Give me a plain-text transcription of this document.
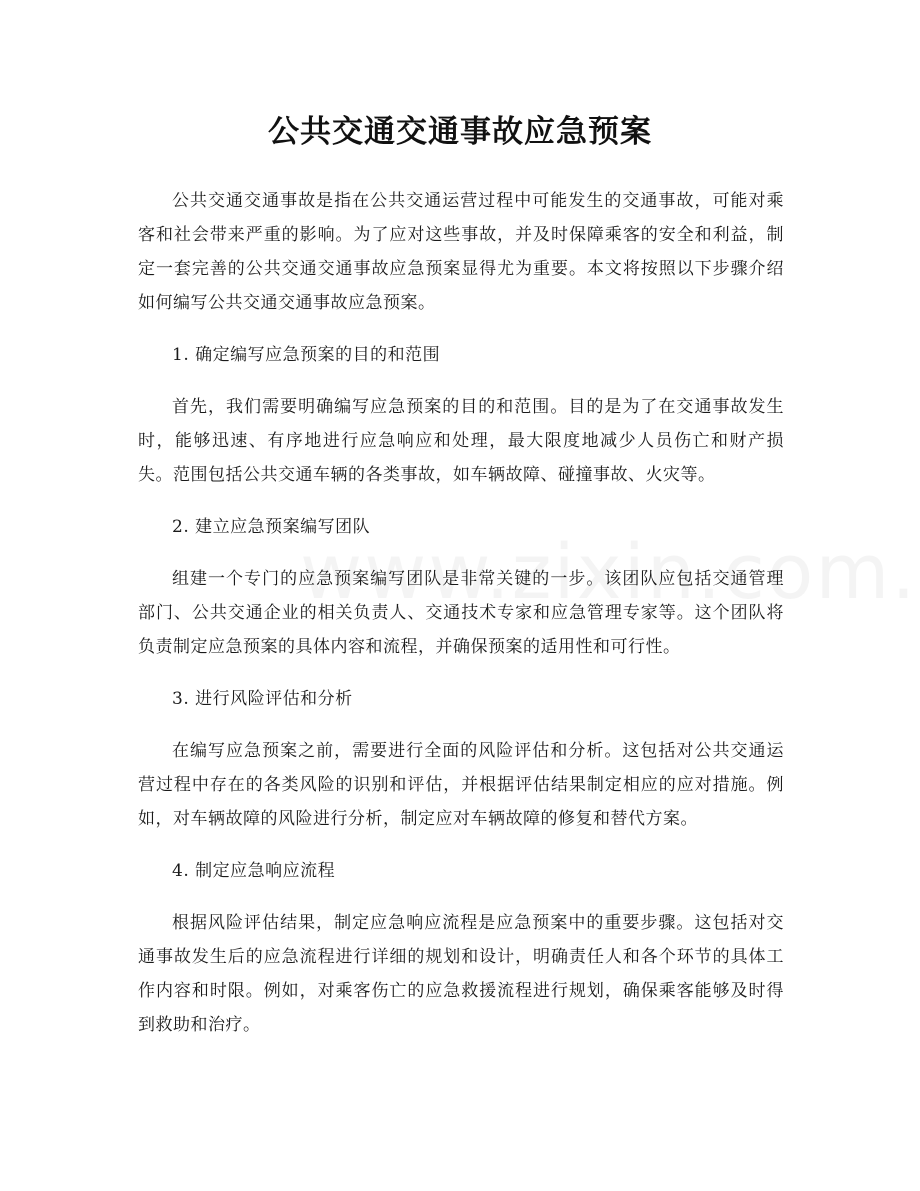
公共交通交通事故应急预案

公共交通交通事故是指在公共交通运营过程中可能发生的交通事故，可能对乘客和社会带来严重的影响。为了应对这些事故，并及时保障乘客的安全和利益，制定一套完善的公共交通交通事故应急预案显得尤为重要。本文将按照以下步骤介绍如何编写公共交通交通事故应急预案。

1. 确定编写应急预案的目的和范围

首先，我们需要明确编写应急预案的目的和范围。目的是为了在交通事故发生时，能够迅速、有序地进行应急响应和处理，最大限度地减少人员伤亡和财产损失。范围包括公共交通车辆的各类事故，如车辆故障、碰撞事故、火灾等。

2. 建立应急预案编写团队

组建一个专门的应急预案编写团队是非常关键的一步。该团队应包括交通管理部门、公共交通企业的相关负责人、交通技术专家和应急管理专家等。这个团队将负责制定应急预案的具体内容和流程，并确保预案的适用性和可行性。

3. 进行风险评估和分析

在编写应急预案之前，需要进行全面的风险评估和分析。这包括对公共交通运营过程中存在的各类风险的识别和评估，并根据评估结果制定相应的应对措施。例如，对车辆故障的风险进行分析，制定应对车辆故障的修复和替代方案。

4. 制定应急响应流程

根据风险评估结果，制定应急响应流程是应急预案中的重要步骤。这包括对交通事故发生后的应急流程进行详细的规划和设计，明确责任人和各个环节的具体工作内容和时限。例如，对乘客伤亡的应急救援流程进行规划，确保乘客能够及时得到救助和治疗。
